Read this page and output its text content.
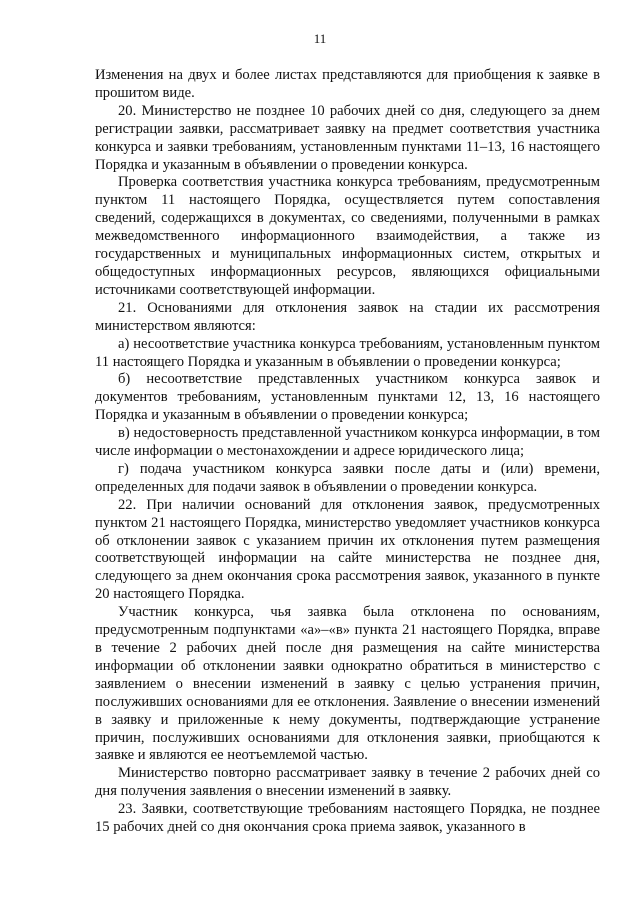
11

Изменения на двух и более листах представляются для приобщения к заявке в прошитом виде.

20. Министерство не позднее 10 рабочих дней со дня, следующего за днем регистрации заявки, рассматривает заявку на предмет соответствия участника конкурса и заявки требованиям, установленным пунктами 11–13, 16 настоящего Порядка и указанным в объявлении о проведении конкурса.

Проверка соответствия участника конкурса требованиям, предусмотренным пунктом 11 настоящего Порядка, осуществляется путем сопоставления сведений, содержащихся в документах, со сведениями, полученными в рамках межведомственного информационного взаимодействия, а также из государственных и муниципальных информационных систем, открытых и общедоступных информационных ресурсов, являющихся официальными источниками соответствующей информации.

21. Основаниями для отклонения заявок на стадии их рассмотрения министерством являются:

а) несоответствие участника конкурса требованиям, установленным пунктом 11 настоящего Порядка и указанным в объявлении о проведении конкурса;

б) несоответствие представленных участником конкурса заявок и документов требованиям, установленным пунктами 12, 13, 16 настоящего Порядка и указанным в объявлении о проведении конкурса;

в) недостоверность представленной участником конкурса информации, в том числе информации о местонахождении и адресе юридического лица;

г) подача участником конкурса заявки после даты и (или) времени, определенных для подачи заявок в объявлении о проведении конкурса.

22. При наличии оснований для отклонения заявок, предусмотренных пунктом 21 настоящего Порядка, министерство уведомляет участников конкурса об отклонении заявок с указанием причин их отклонения путем размещения соответствующей информации на сайте министерства не позднее дня, следующего за днем окончания срока рассмотрения заявок, указанного в пункте 20 настоящего Порядка.

Участник конкурса, чья заявка была отклонена по основаниям, предусмотренным подпунктами «а»–«в» пункта 21 настоящего Порядка, вправе в течение 2 рабочих дней после дня размещения на сайте министерства информации об отклонении заявки однократно обратиться в министерство с заявлением о внесении изменений в заявку с целью устранения причин, послуживших основаниями для ее отклонения. Заявление о внесении изменений в заявку и приложенные к нему документы, подтверждающие устранение причин, послуживших основаниями для отклонения заявки, приобщаются к заявке и являются ее неотъемлемой частью.

Министерство повторно рассматривает заявку в течение 2 рабочих дней со дня получения заявления о внесении изменений в заявку.

23. Заявки, соответствующие требованиям настоящего Порядка, не позднее 15 рабочих дней со дня окончания срока приема заявок, указанного в
